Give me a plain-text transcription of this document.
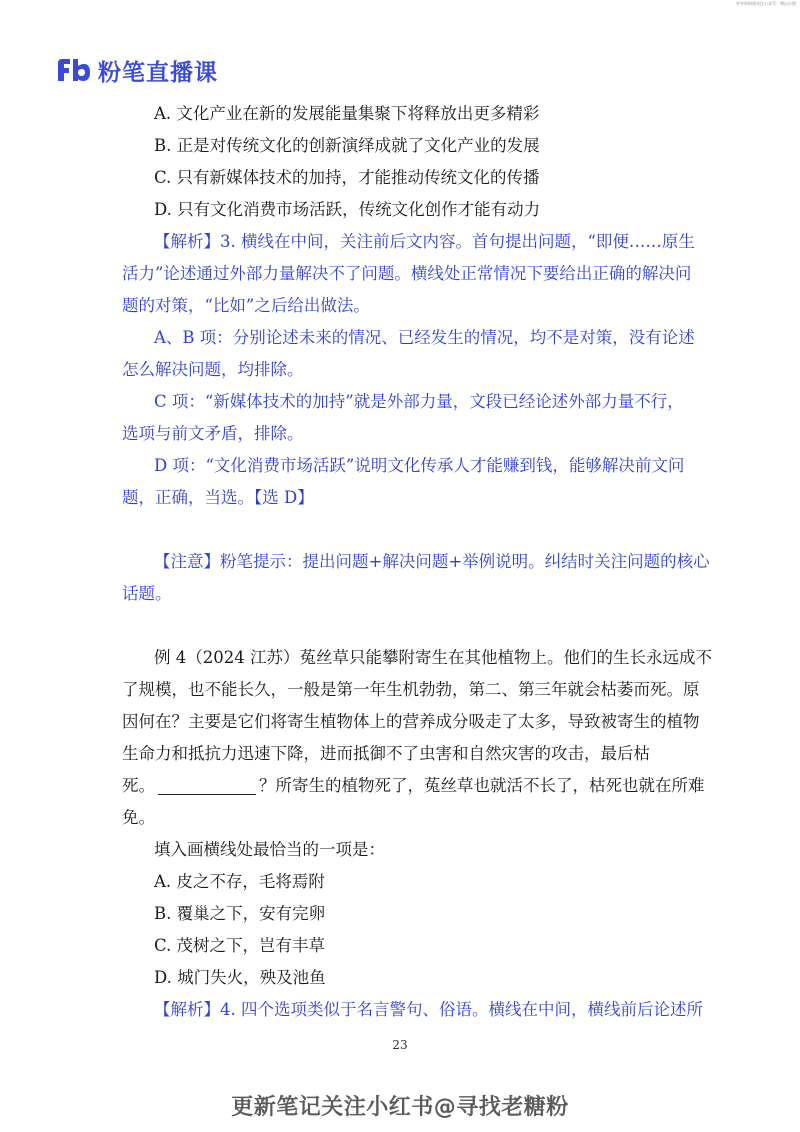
更多资料请关注公众号：尊山小猪
粉笔直播课
A. 文化产业在新的发展能量集聚下将释放出更多精彩
B. 正是对传统文化的创新演绎成就了文化产业的发展
C. 只有新媒体技术的加持，才能推动传统文化的传播
D. 只有文化消费市场活跃，传统文化创作才能有动力
【解析】3. 横线在中间，关注前后文内容。首句提出问题，“即便……原生
活力”论述通过外部力量解决不了问题。横线处正常情况下要给出正确的解决问
题的对策，“比如”之后给出做法。
A、B 项：分别论述未来的情况、已经发生的情况，均不是对策，没有论述
怎么解决问题，均排除。
C 项：“新媒体技术的加持”就是外部力量，文段已经论述外部力量不行，
选项与前文矛盾，排除。
D 项：“文化消费市场活跃”说明文化传承人才能赚到钱，能够解决前文问
题，正确，当选。【选 D】
【注意】粉笔提示：提出问题+解决问题+举例说明。纠结时关注问题的核心
话题。
例 4（2024 江苏）菟丝草只能攀附寄生在其他植物上。他们的生长永远成不
了规模，也不能长久，一般是第一年生机勃勃，第二、第三年就会枯萎而死。原
因何在？主要是它们将寄生植物体上的营养成分吸走了太多，导致被寄生的植物
生命力和抵抗力迅速下降，进而抵御不了虫害和自然灾害的攻击，最后枯
死。	？所寄生的植物死了，菟丝草也就活不长了，枯死也就在所难
免。
填入画横线处最恰当的一项是：
A. 皮之不存，毛将焉附
B. 覆巢之下，安有完卵
C. 茂树之下，岂有丰草
D. 城门失火，殃及池鱼
【解析】4. 四个选项类似于名言警句、俗语。横线在中间，横线前后论述所
23
更新笔记关注小红书@寻找老糖粉
